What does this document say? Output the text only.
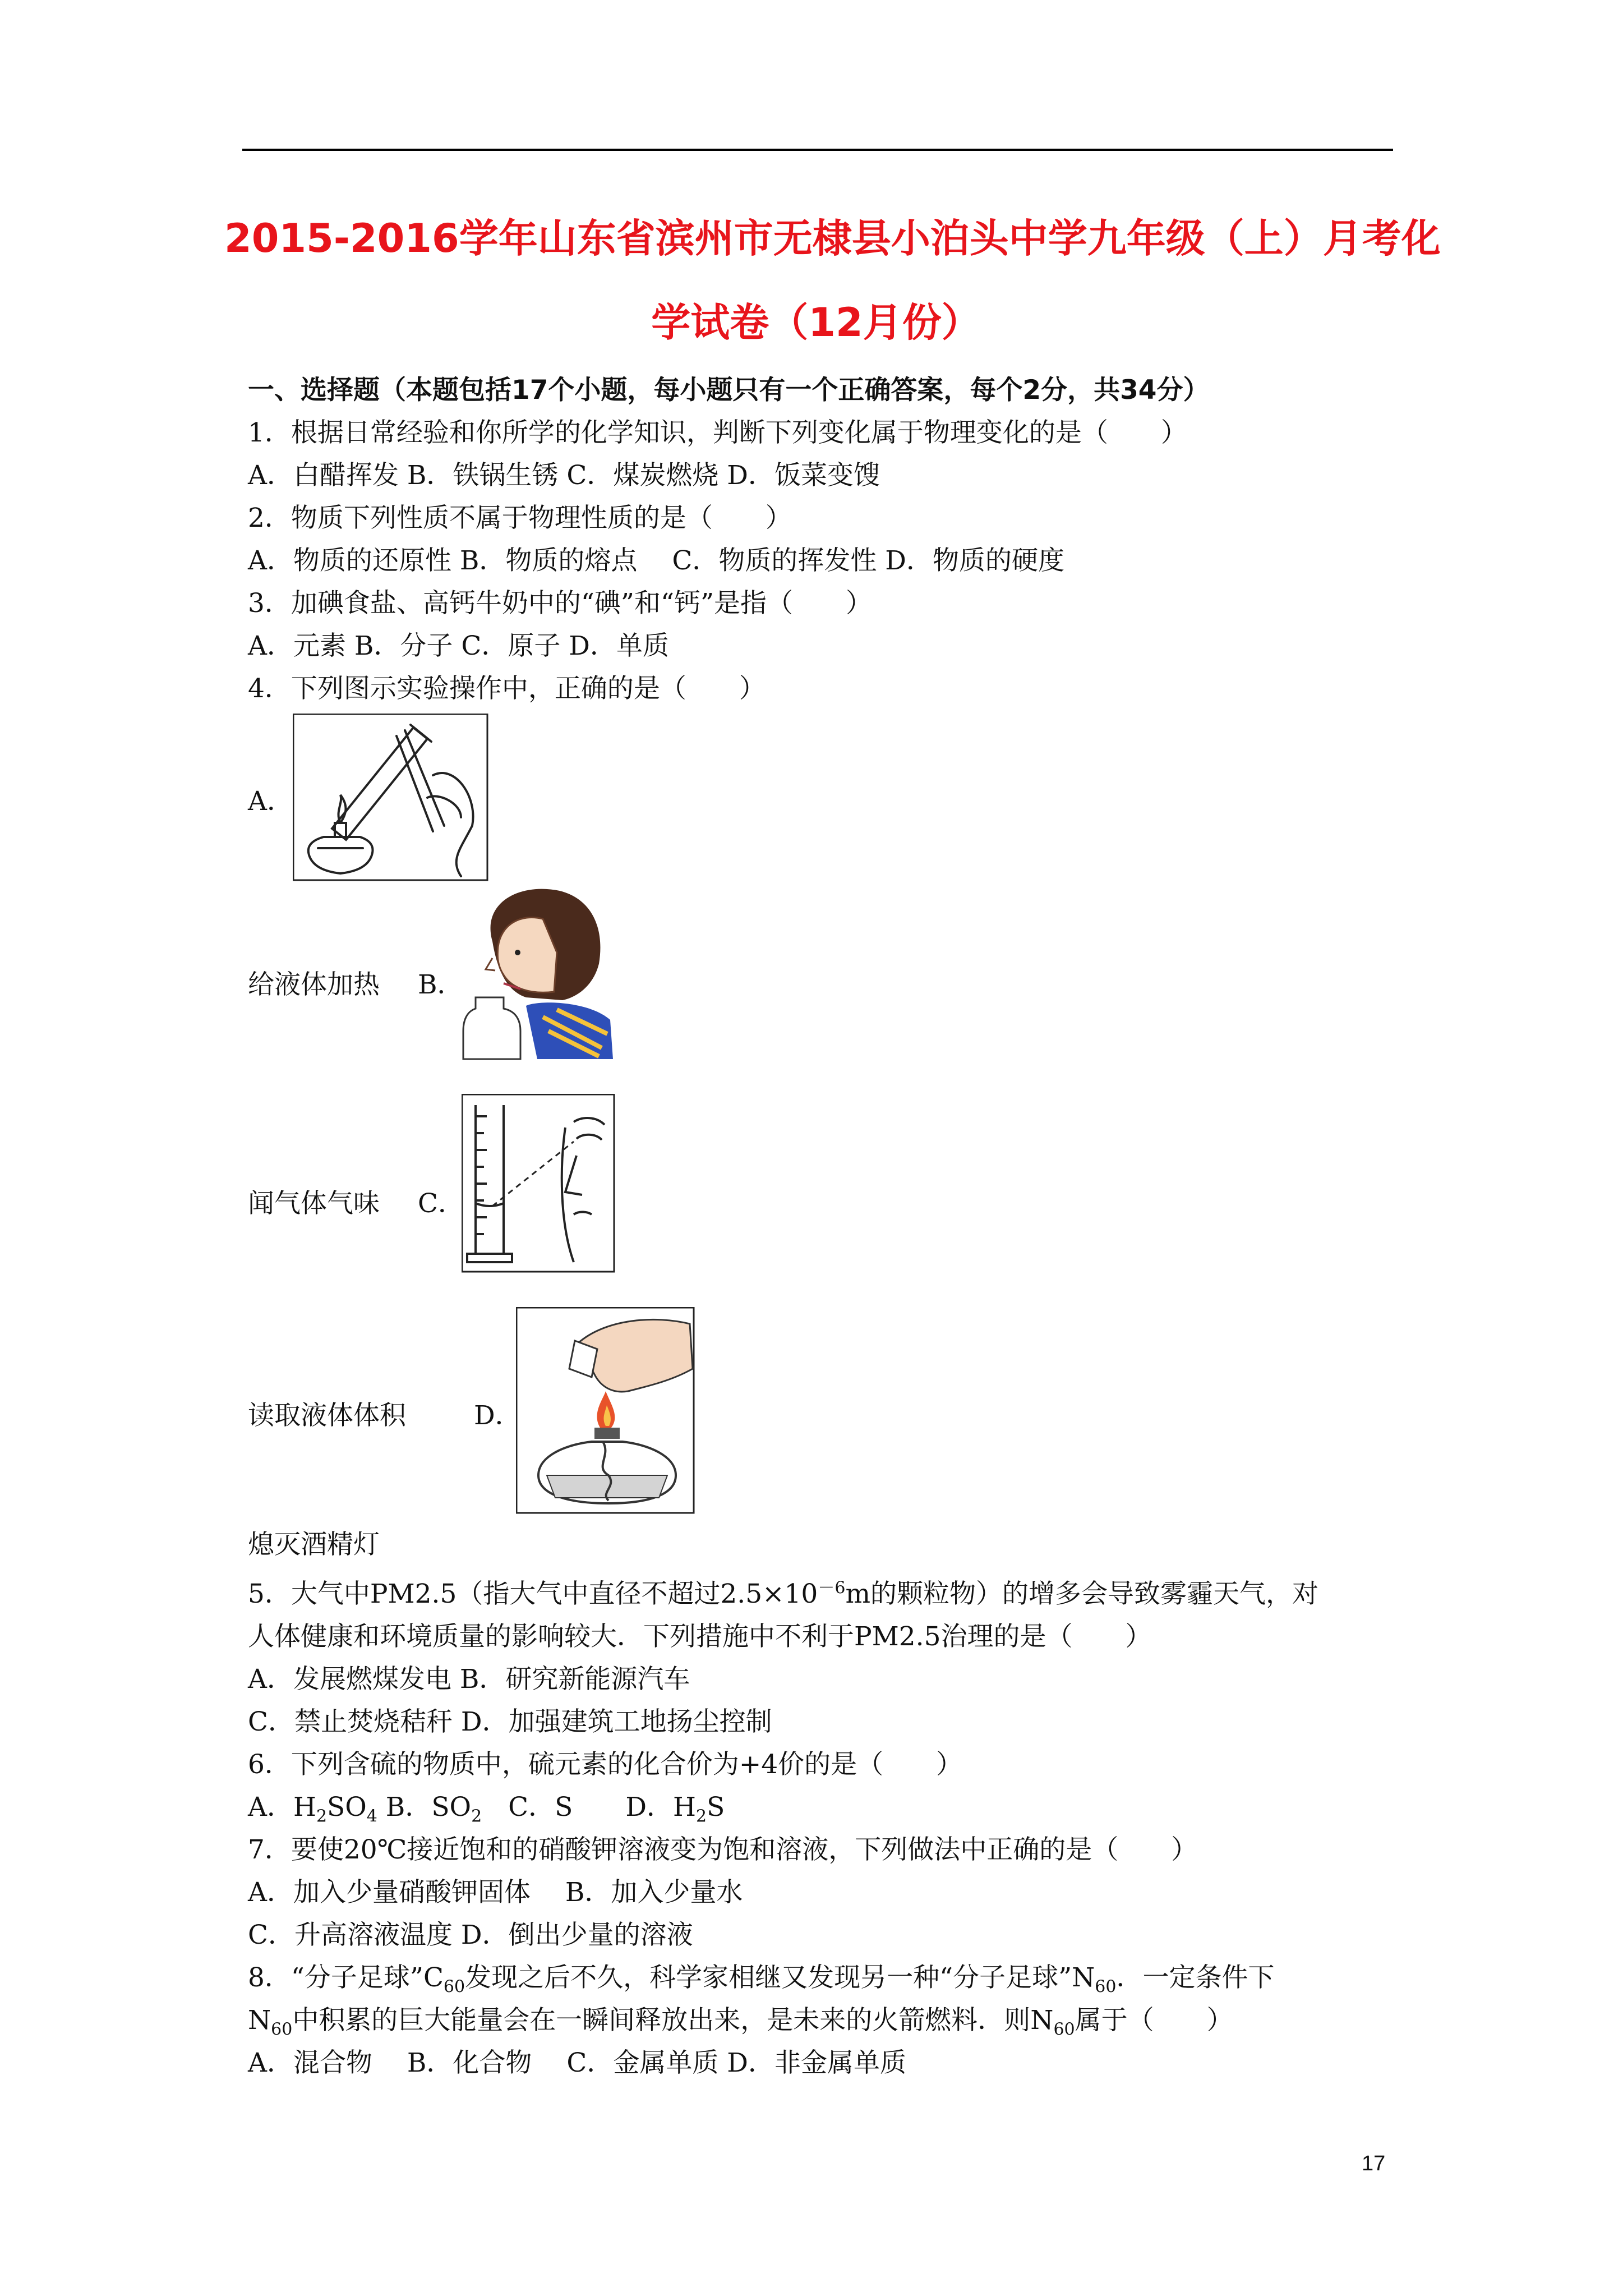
2015-2016学年山东省滨州市无棣县小泊头中学九年级（上）月考化
学试卷（12月份）
一、选择题（本题包括17个小题，每小题只有一个正确答案，每个2分，共34分）
1．根据日常经验和你所学的化学知识，判断下列变化属于物理变化的是（　　）
A．白醋挥发 B．铁锅生锈 C．煤炭燃烧 D．饭菜变馊
2．物质下列性质不属于物理性质的是（　　）
A．物质的还原性 B．物质的熔点　 C．物质的挥发性 D．物质的硬度
3．加碘食盐、高钙牛奶中的“碘”和“钙”是指（　　）
A．元素 B．分子 C．原子 D．单质
4．下列图示实验操作中，正确的是（　　）
A．
给液体加热 B．
闻气体气味 C．
读取液体体积	D．
熄灭酒精灯
5．大气中PM2.5（指大气中直径不超过$2.5\times 10^{-6}m$的颗粒物）的增多会导致雾霾天气，对
人体健康和环境质量的影响较大．下列措施中不利于PM2.5治理的是（　　）
A．发展燃煤发电 B．研究新能源汽车
C．禁止焚烧秸秆 D．加强建筑工地扬尘控制
6．下列含硫的物质中，硫元素的化合价为+4价的是（　　）
A．$H_2SO_4$ B．$SO_2$　C．S　　D．$H_2S$
7．要使20℃接近饱和的硝酸钾溶液变为饱和溶液，下列做法中正确的是（　　）
A．加入少量硝酸钾固体　 B．加入少量水
C．升高溶液温度 D．倒出少量的溶液
8．“分子足球$”C_{60}$发现之后不久，科学家相继又发现另一种“分子足球$”N_{60}$．一定条件下
$N_{60}$中积累的巨大能量会在一瞬间释放出来，是未来的火箭燃料．则$N_{60}$属于（　　）
A．混合物　 B．化合物　 C．金属单质 D．非金属单质
17
